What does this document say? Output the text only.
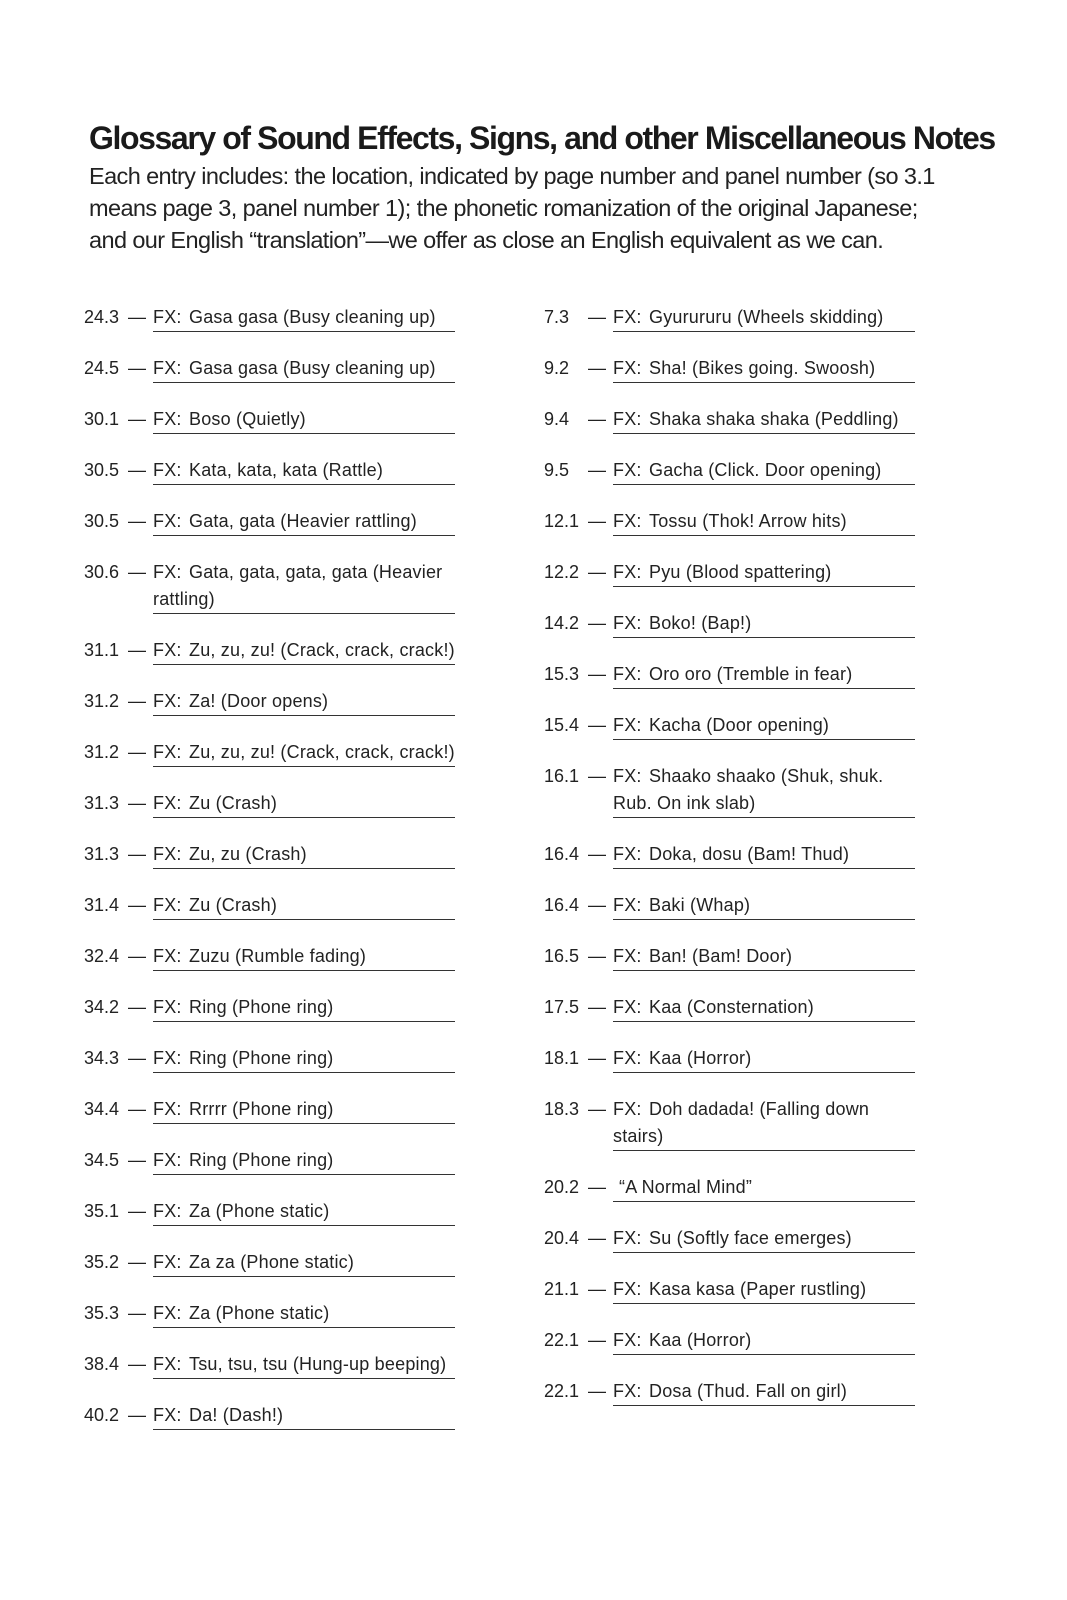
Glossary of Sound Effects, Signs, and other Miscellaneous Notes

Each entry includes: the location, indicated by page number and panel number (so 3.1 means page 3, panel number 1); the phonetic romanization of the original Japanese; and our English “translation”—we offer as close an English equivalent as we can.

24.3 — FX: Gasa gasa (Busy cleaning up)
24.5 — FX: Gasa gasa (Busy cleaning up)
30.1 — FX: Boso (Quietly)
30.5 — FX: Kata, kata, kata (Rattle)
30.5 — FX: Gata, gata (Heavier rattling)
30.6 — FX: Gata, gata, gata, gata (Heavier rattling)
31.1 — FX: Zu, zu, zu! (Crack, crack, crack!)
31.2 — FX: Za! (Door opens)
31.2 — FX: Zu, zu, zu! (Crack, crack, crack!)
31.3 — FX: Zu (Crash)
31.3 — FX: Zu, zu (Crash)
31.4 — FX: Zu (Crash)
32.4 — FX: Zuzu (Rumble fading)
34.2 — FX: Ring (Phone ring)
34.3 — FX: Ring (Phone ring)
34.4 — FX: Rrrrr (Phone ring)
34.5 — FX: Ring (Phone ring)
35.1 — FX: Za (Phone static)
35.2 — FX: Za za (Phone static)
35.3 — FX: Za (Phone static)
38.4 — FX: Tsu, tsu, tsu (Hung-up beeping)
40.2 — FX: Da! (Dash!)
7.3 — FX: Gyurururu (Wheels skidding)
9.2 — FX: Sha! (Bikes going. Swoosh)
9.4 — FX: Shaka shaka shaka (Peddling)
9.5 — FX: Gacha (Click. Door opening)
12.1 — FX: Tossu (Thok! Arrow hits)
12.2 — FX: Pyu (Blood spattering)
14.2 — FX: Boko! (Bap!)
15.3 — FX: Oro oro (Tremble in fear)
15.4 — FX: Kacha (Door opening)
16.1 — FX: Shaako shaako (Shuk, shuk. Rub. On ink slab)
16.4 — FX: Doka, dosu (Bam! Thud)
16.4 — FX: Baki (Whap)
16.5 — FX: Ban! (Bam! Door)
17.5 — FX: Kaa (Consternation)
18.1 — FX: Kaa (Horror)
18.3 — FX: Doh dadada! (Falling down stairs)
20.2 — “A Normal Mind”
20.4 — FX: Su (Softly face emerges)
21.1 — FX: Kasa kasa (Paper rustling)
22.1 — FX: Kaa (Horror)
22.1 — FX: Dosa (Thud. Fall on girl)
